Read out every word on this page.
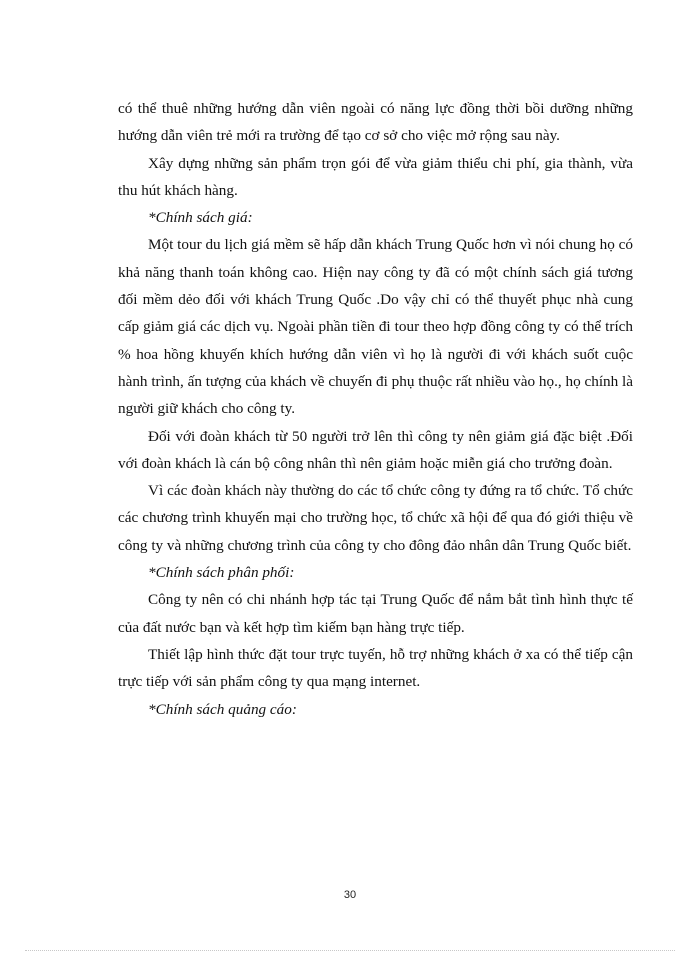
có thể thuê những hướng dẫn viên ngoài có năng lực đồng thời bồi dưỡng những hướng dẫn viên trẻ mới ra trường để tạo cơ sở cho việc mở rộng sau này.

Xây dựng những sản phẩm trọn gói để vừa giảm thiểu chi phí, gia thành, vừa thu hút khách hàng.

*Chính sách giá:

Một tour du lịch giá mềm sẽ hấp dẫn khách Trung Quốc hơn vì nói chung họ có khả năng thanh toán không cao. Hiện nay công ty đã có một chính sách giá tương đối mềm dẻo đối với khách Trung Quốc .Do vậy chỉ có thể thuyết phục nhà cung cấp giảm giá các dịch vụ. Ngoài phần tiền đi tour theo hợp đồng công ty có thể trích % hoa hồng khuyến khích hướng dẫn viên vì họ là người đi với khách suốt cuộc hành trình, ấn tượng của khách về chuyến đi phụ thuộc rất nhiều vào họ., họ chính là người giữ khách cho công ty.

Đối với đoàn khách từ 50 người trở lên thì công ty nên giảm giá đặc biệt .Đối với đoàn khách là cán bộ công nhân thì nên giảm hoặc miễn giá cho trưởng đoàn.

Vì các đoàn khách này thường do các tổ chức công ty đứng ra tổ chức. Tổ chức các chương trình khuyến mại cho trường học, tổ chức xã hội để qua đó giới thiệu về công ty và những chương trình của công ty cho đông đảo nhân dân Trung Quốc biết.

*Chính sách phân phối:

Công ty nên có chi nhánh hợp tác tại Trung Quốc để nắm bắt tình hình thực tế của đất nước bạn và kết hợp tìm kiếm bạn hàng trực tiếp.

Thiết lập hình thức đặt tour trực tuyến, hỗ trợ những khách ở xa có thể tiếp cận trực tiếp với sản phẩm công ty qua mạng internet.

*Chính sách quảng cáo:

30
